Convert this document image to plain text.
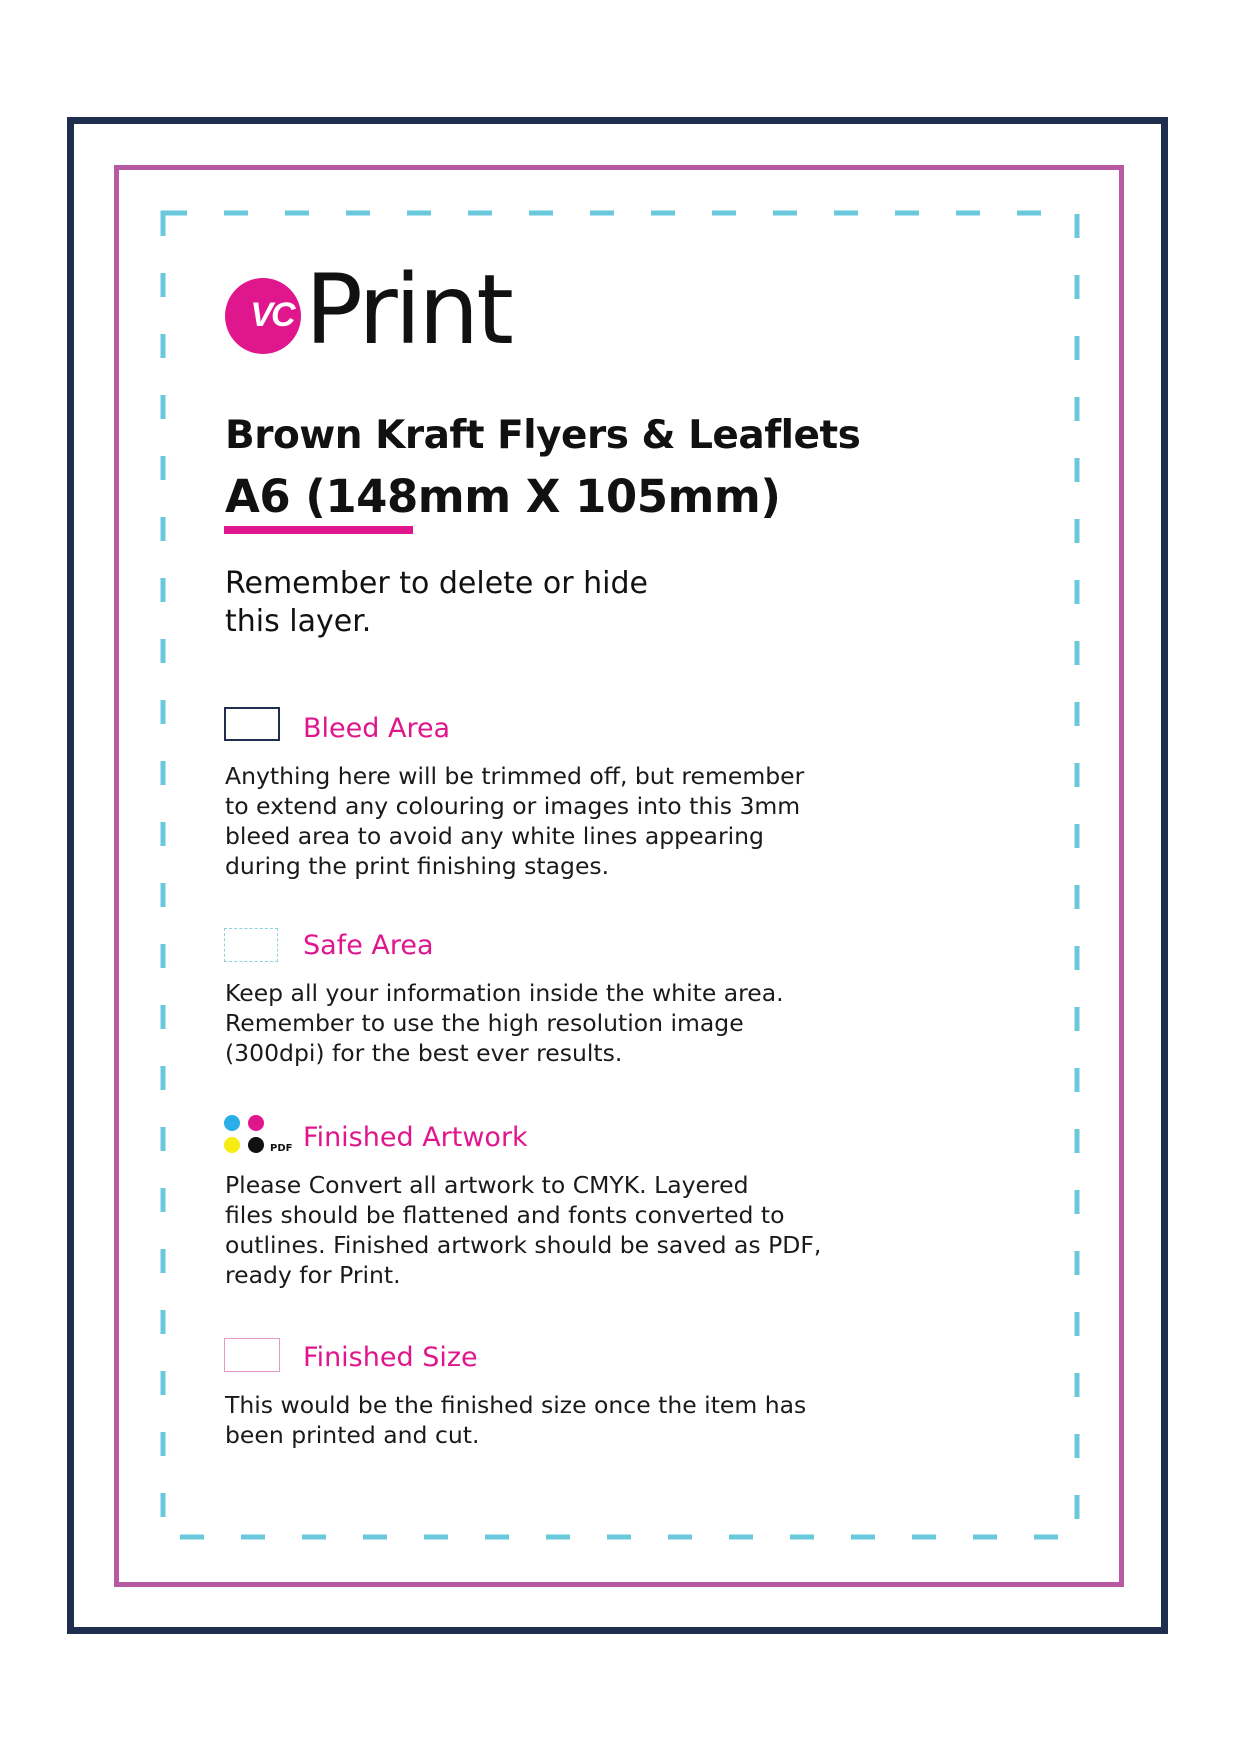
VC Print
Brown Kraft Flyers & Leaflets
A6 (148mm X 105mm)
Remember to delete or hide
this layer.
Bleed Area
Anything here will be trimmed off, but remember
to extend any colouring or images into this 3mm
bleed area to avoid any white lines appearing
during the print finishing stages.
Safe Area
Keep all your information inside the white area.
Remember to use the high resolution image
(300dpi) for the best ever results.
PDF Finished Artwork
Please Convert all artwork to CMYK. Layered
files should be flattened and fonts converted to
outlines. Finished artwork should be saved as PDF,
ready for Print.
Finished Size
This would be the finished size once the item has
been printed and cut.
